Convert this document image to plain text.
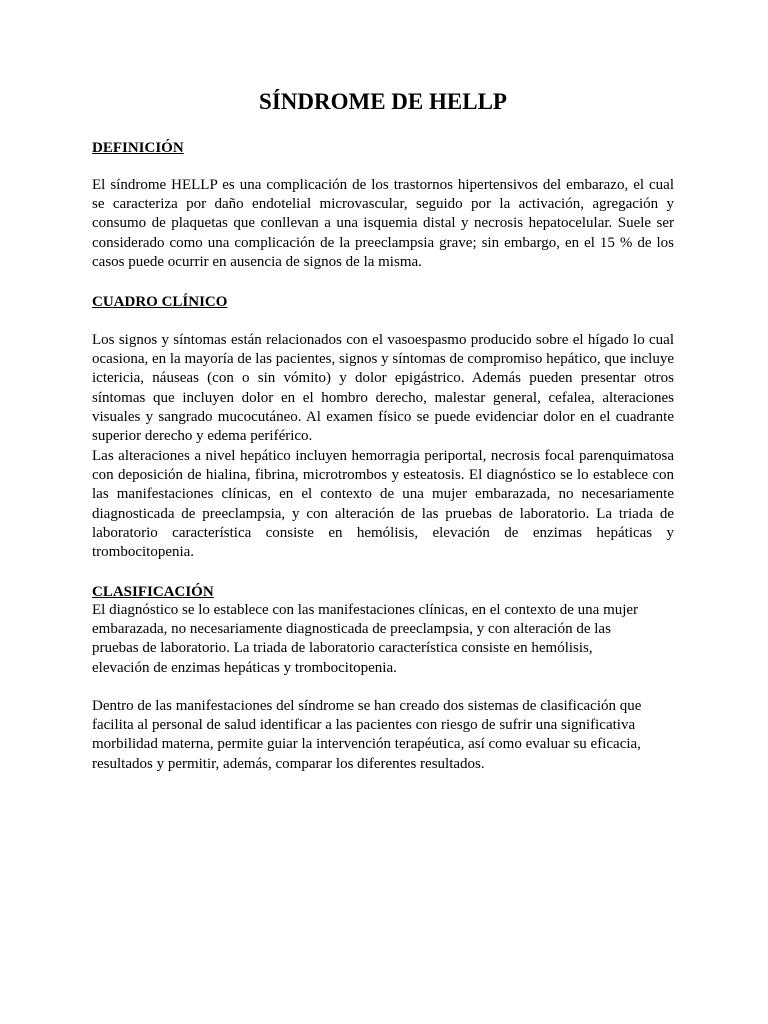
SÍNDROME DE HELLP
DEFINICIÓN

El síndrome HELLP es una complicación de los trastornos hipertensivos del embarazo, el cual se caracteriza por daño endotelial microvascular, seguido por la activación, agregación y consumo de plaquetas que conllevan a una isquemia distal y necrosis hepatocelular. Suele ser considerado como una complicación de la preeclampsia grave; sin embargo, en el 15 % de los casos puede ocurrir en ausencia de signos de la misma.

CUADRO CLÍNICO

Los signos y síntomas están relacionados con el vasoespasmo producido sobre el hígado lo cual ocasiona, en la mayoría de las pacientes, signos y síntomas de compromiso hepático, que incluye ictericia, náuseas (con o sin vómito) y dolor epigástrico. Además pueden presentar otros síntomas que incluyen dolor en el hombro derecho, malestar general, cefalea, alteraciones visuales y sangrado mucocutáneo. Al examen físico se puede evidenciar dolor en el cuadrante superior derecho y edema periférico.

Las alteraciones a nivel hepático incluyen hemorragia periportal, necrosis focal parenquimatosa con deposición de hialina, fibrina, microtrombos y esteatosis. El diagnóstico se lo establece con las manifestaciones clínicas, en el contexto de una mujer embarazada, no necesariamente diagnosticada de preeclampsia, y con alteración de las pruebas de laboratorio. La triada de laboratorio característica consiste en hemólisis, elevación de enzimas hepáticas y trombocitopenia.

CLASIFICACIÓN

El diagnóstico se lo establece con las manifestaciones clínicas, en el contexto de una mujer embarazada, no necesariamente diagnosticada de preeclampsia, y con alteración de las pruebas de laboratorio. La triada de laboratorio característica consiste en hemólisis, elevación de enzimas hepáticas y trombocitopenia.

Dentro de las manifestaciones del síndrome se han creado dos sistemas de clasificación que facilita al personal de salud identificar a las pacientes con riesgo de sufrir una significativa morbilidad materna, permite guiar la intervención terapéutica, así como evaluar su eficacia, resultados y permitir, además, comparar los diferentes resultados.
